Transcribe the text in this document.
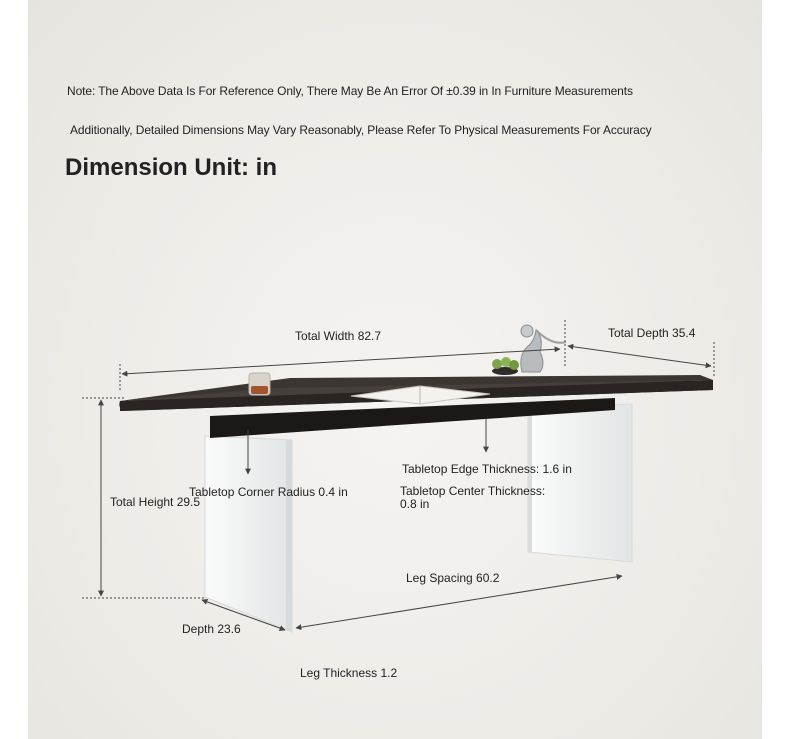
Note: The Above Data Is For Reference Only, There May Be An Error Of ±0.39 in In Furniture Measurements
Additionally, Detailed Dimensions May Vary Reasonably, Please Refer To Physical Measurements For Accuracy
Dimension Unit: in
Total Width 82.7	Total Depth 35.4
Tabletop Edge Thickness: 1.6 in
Tabletop Center Thickness:
0.8 in
Tabletop Corner Radius 0.4 in
Total Height 29.5
Leg Spacing 60.2
Depth 23.6
Leg Thickness 1.2
